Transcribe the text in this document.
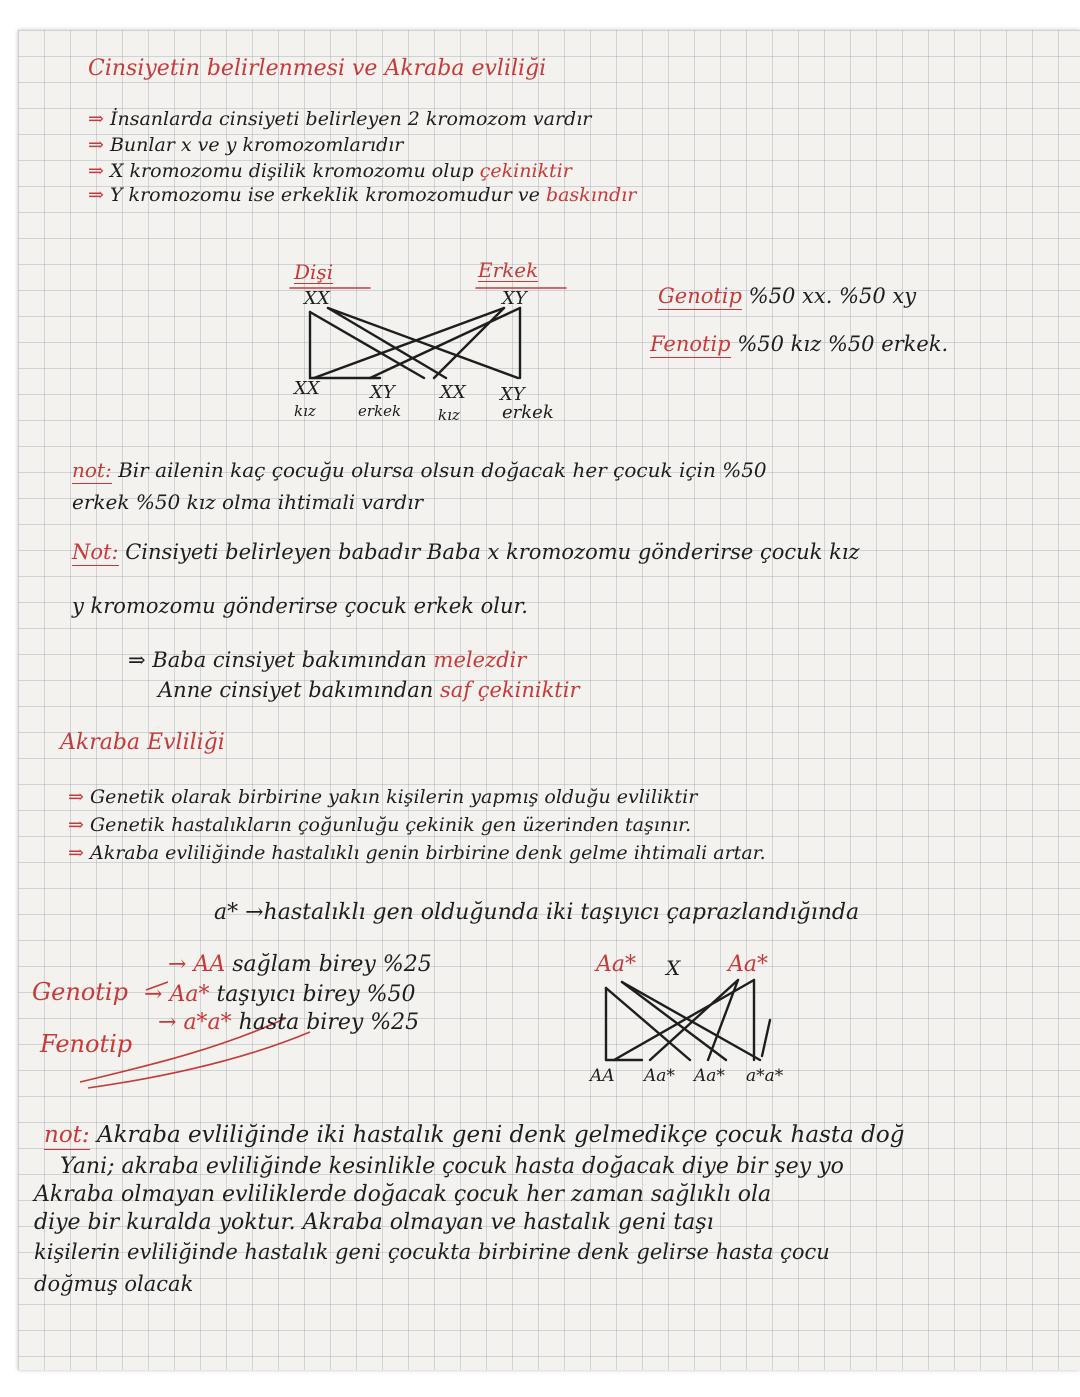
Cinsiyetin belirlenmesi ve Akraba evliliği
⇒ İnsanlarda cinsiyeti belirleyen 2 kromozom vardır
⇒ Bunlar x ve y kromozomlarıdır
⇒ X kromozomu dişilik kromozomu olup çekiniktir
⇒ Y kromozomu ise erkeklik kromozomudur ve baskındır
Dişi
XX
Erkek
XY
XX
kız
XY
erkek
XX
kız
XY
erkek
Genotip %50 xx. %50 xy
Fenotip %50 kız %50 erkek.
not: Bir ailenin kaç çocuğu olursa olsun doğacak her çocuk için %50
erkek %50 kız olma ihtimali vardır
Not: Cinsiyeti belirleyen babadır Baba x kromozomu gönderirse çocuk kız
y kromozomu gönderirse çocuk erkek olur.
⇒ Baba cinsiyet bakımından melezdir
Anne cinsiyet bakımından saf çekiniktir
Akraba Evliliği
⇒ Genetik olarak birbirine yakın kişilerin yapmış olduğu evliliktir
⇒ Genetik hastalıkların çoğunluğu çekinik gen üzerinden taşınır.
⇒ Akraba evliliğinde hastalıklı genin birbirine denk gelme ihtimali artar.
a* →hastalıklı gen olduğunda iki taşıyıcı çaprazlandığında
Genotip
Fenotip
→ AA sağlam birey %25
→ Aa* taşıyıcı birey %50
→ a*a* hasta birey %25
Aa* X Aa*
AA Aa* Aa* a*a*
not: Akraba evliliğinde iki hastalık geni denk gelmedikçe çocuk hasta doğ
Yani; akraba evliliğinde kesinlikle çocuk hasta doğacak diye bir şey yo
Akraba olmayan evliliklerde doğacak çocuk her zaman sağlıklı ola
diye bir kuralda yoktur. Akraba olmayan ve hastalık geni taşı
kişilerin evliliğinde hastalık geni çocukta birbirine denk gelirse hasta çocu
doğmuş olacak
